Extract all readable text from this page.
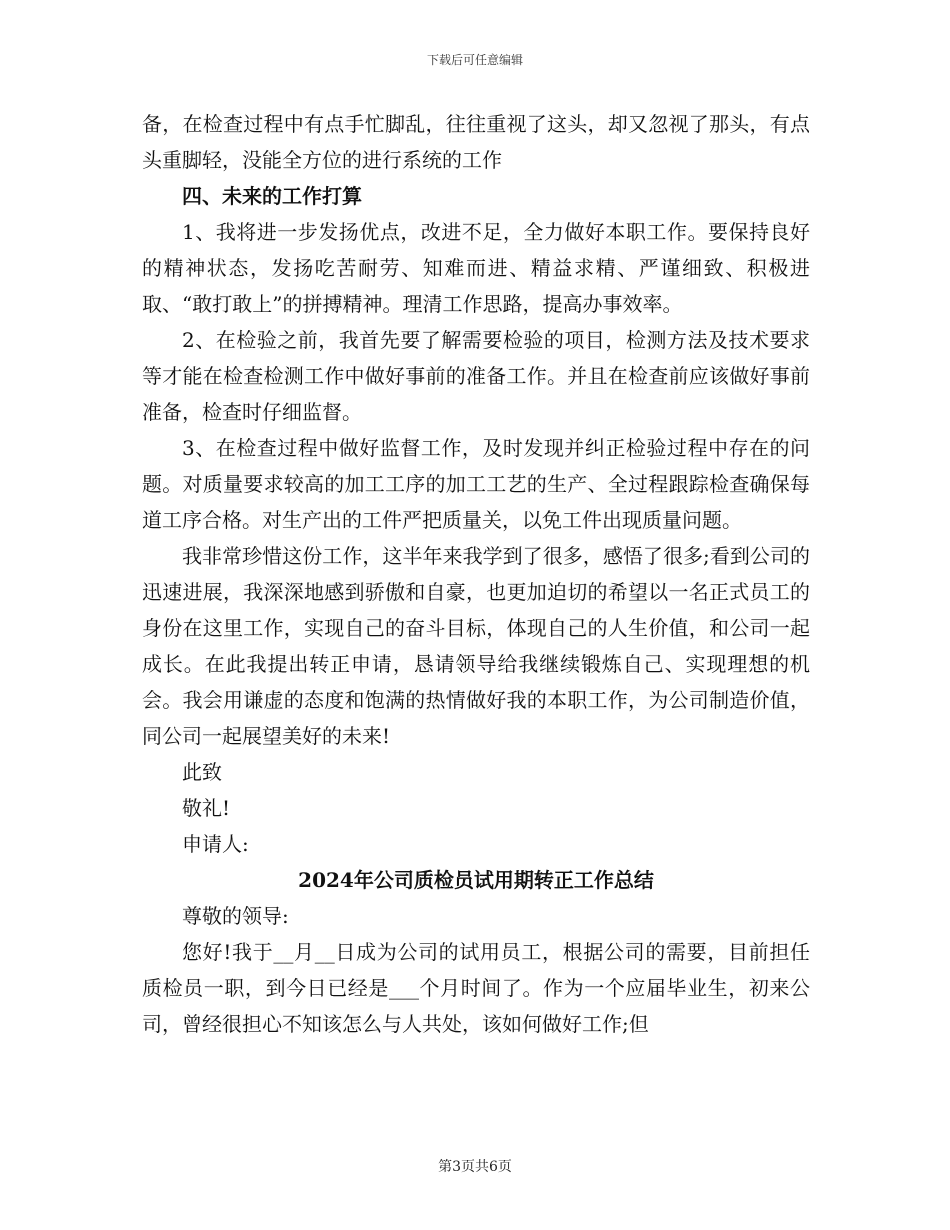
下载后可任意编辑

备，在检查过程中有点手忙脚乱，往往重视了这头，却又忽视了那头，有点头重脚轻，没能全方位的进行系统的工作

四、未来的工作打算

1、我将进一步发扬优点，改进不足，全力做好本职工作。要保持良好的精神状态，发扬吃苦耐劳、知难而进、精益求精、严谨细致、积极进取、“敢打敢上”的拼搏精神。理清工作思路，提高办事效率。

2、在检验之前，我首先要了解需要检验的项目，检测方法及技术要求等才能在检查检测工作中做好事前的准备工作。并且在检查前应该做好事前准备，检查时仔细监督。

3、在检查过程中做好监督工作，及时发现并纠正检验过程中存在的问题。对质量要求较高的加工工序的加工工艺的生产、全过程跟踪检查确保每道工序合格。对生产出的工件严把质量关，以免工件出现质量问题。

我非常珍惜这份工作，这半年来我学到了很多，感悟了很多;看到公司的迅速进展，我深深地感到骄傲和自豪，也更加迫切的希望以一名正式员工的身份在这里工作，实现自己的奋斗目标，体现自己的人生价值，和公司一起成长。在此我提出转正申请，恳请领导给我继续锻炼自己、实现理想的机会。我会用谦虚的态度和饱满的热情做好我的本职工作，为公司制造价值，同公司一起展望美好的未来!

此致

敬礼!

申请人:

2024年公司质检员试用期转正工作总结

尊敬的领导:

您好!我于__月__日成为公司的试用员工，根据公司的需要，目前担任质检员一职，到今日已经是___个月时间了。作为一个应届毕业生，初来公司，曾经很担心不知该怎么与人共处，该如何做好工作;但

第3页共6页
